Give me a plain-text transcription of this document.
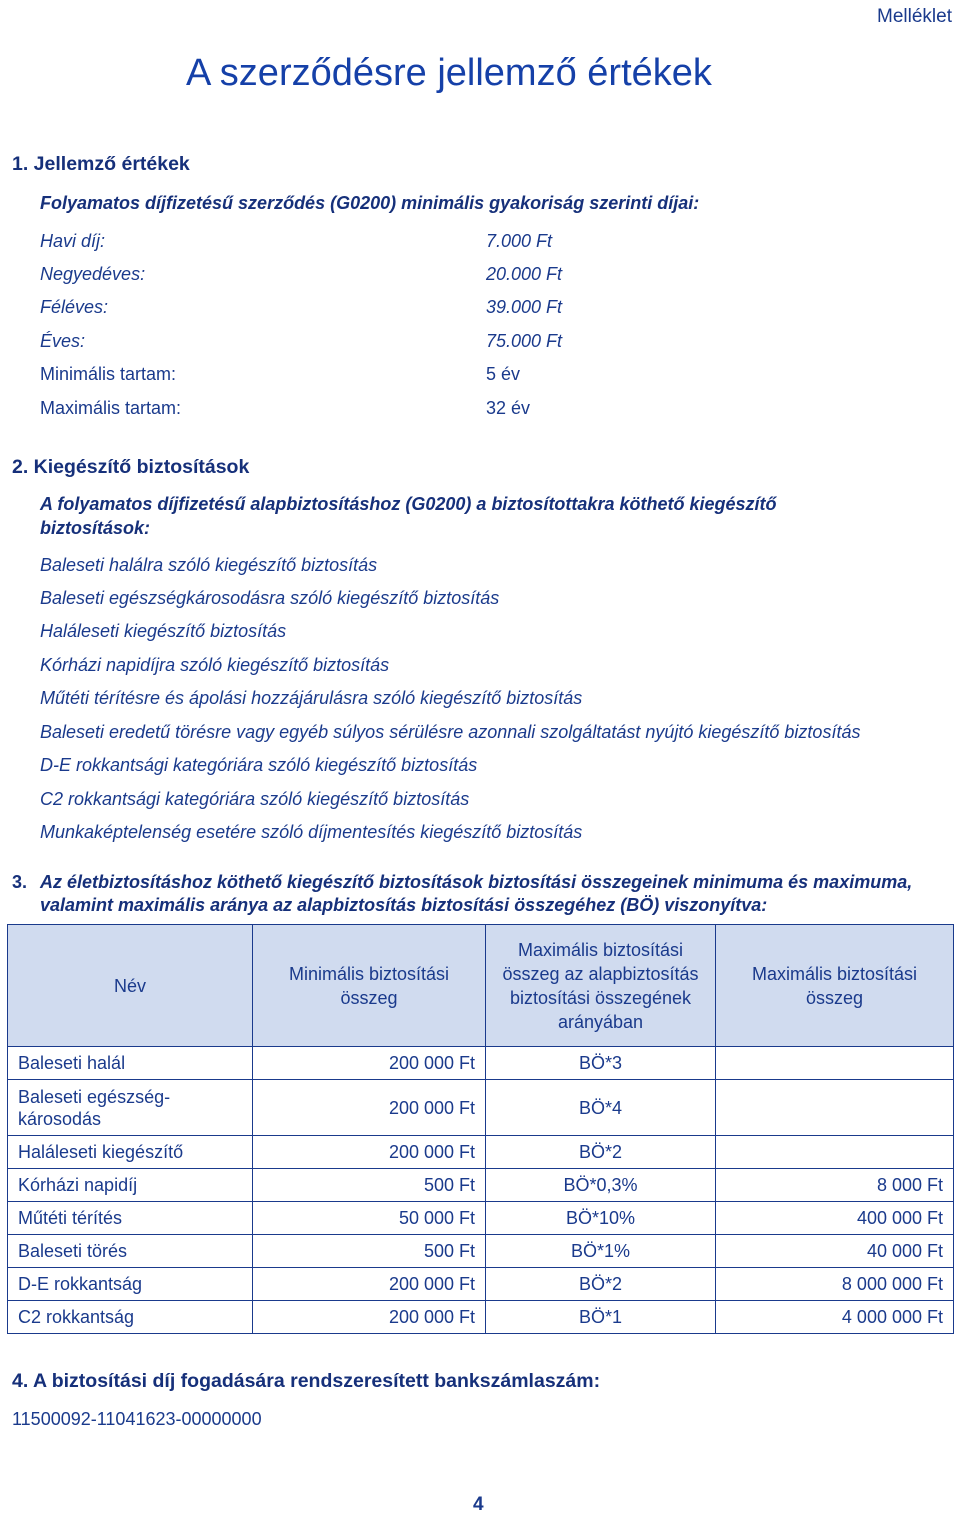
Melléklet
A szerződésre jellemző értékek
1. Jellemző értékek
Folyamatos díjfizetésű szerződés (G0200) minimális gyakoriság szerinti díjai:
Havi díj:	7.000 Ft
Negyedéves:	20.000 Ft
Féléves:	39.000 Ft
Éves:	75.000 Ft
Minimális tartam:	5 év
Maximális tartam:	32 év
2. Kiegészítő biztosítások
A folyamatos díjfizetésű alapbiztosításhoz (G0200) a biztosítottakra köthető kiegészítő
biztosítások:
Baleseti halálra szóló kiegészítő biztosítás
Baleseti egészségkárosodásra szóló kiegészítő biztosítás
Haláleseti kiegészítő biztosítás
Kórházi napidíjra szóló kiegészítő biztosítás
Műtéti térítésre és ápolási hozzájárulásra szóló kiegészítő biztosítás
Baleseti eredetű törésre vagy egyéb súlyos sérülésre azonnali szolgáltatást nyújtó kiegészítő biztosítás
D-E rokkantsági kategóriára szóló kiegészítő biztosítás
C2 rokkantsági kategóriára szóló kiegészítő biztosítás
Munkaképtelenség esetére szóló díjmentesítés kiegészítő biztosítás
3. Az életbiztosításhoz köthető kiegészítő biztosítások biztosítási összegeinek minimuma és maximuma, valamint maximális aránya az alapbiztosítás biztosítási összegéhez (BÖ) viszonyítva:
Név	Minimális biztosítási összeg	Maximális biztosítási összeg az alapbiztosítás biztosítási összegének arányában	Maximális biztosítási összeg
Baleseti halál	200 000 Ft	BÖ*3	
Baleseti egészség-
károsodás	200 000 Ft	BÖ*4	
Haláleseti kiegészítő	200 000 Ft	BÖ*2	
Kórházi napidíj	500 Ft	BÖ*0,3%	8 000 Ft
Műtéti térítés	50 000 Ft	BÖ*10%	400 000 Ft
Baleseti törés	500 Ft	BÖ*1%	40 000 Ft
D-E rokkantság	200 000 Ft	BÖ*2	8 000 000 Ft
C2 rokkantság	200 000 Ft	BÖ*1	4 000 000 Ft
4. A biztosítási díj fogadására rendszeresített bankszámlaszám:
11500092-11041623-00000000
4
